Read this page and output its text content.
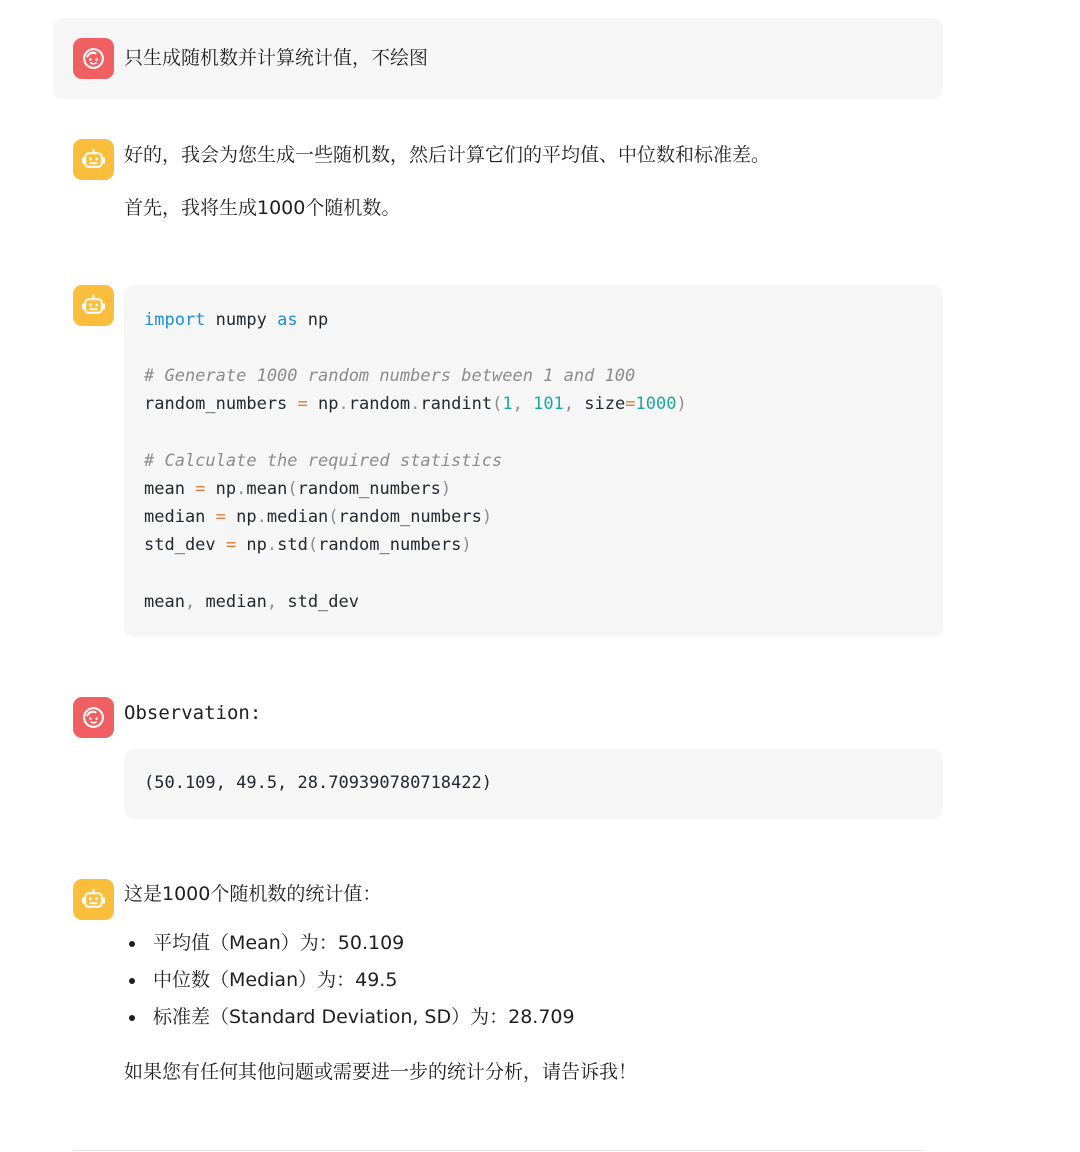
只生成随机数并计算统计值，不绘图
好的，我会为您生成一些随机数，然后计算它们的平均值、中位数和标准差。
首先，我将生成1000个随机数。
import numpy as np
# Generate 1000 random numbers between 1 and 100
random_numbers = np.random.randint(1, 101, size=1000)
# Calculate the required statistics
mean = np.mean(random_numbers)
median = np.median(random_numbers)
std_dev = np.std(random_numbers)
mean, median, std_dev
Observation:
(50.109, 49.5, 28.709390780718422)
这是1000个随机数的统计值：
平均值（Mean）为：50.109
中位数（Median）为：49.5
标准差（Standard Deviation, SD）为：28.709
如果您有任何其他问题或需要进一步的统计分析，请告诉我！
